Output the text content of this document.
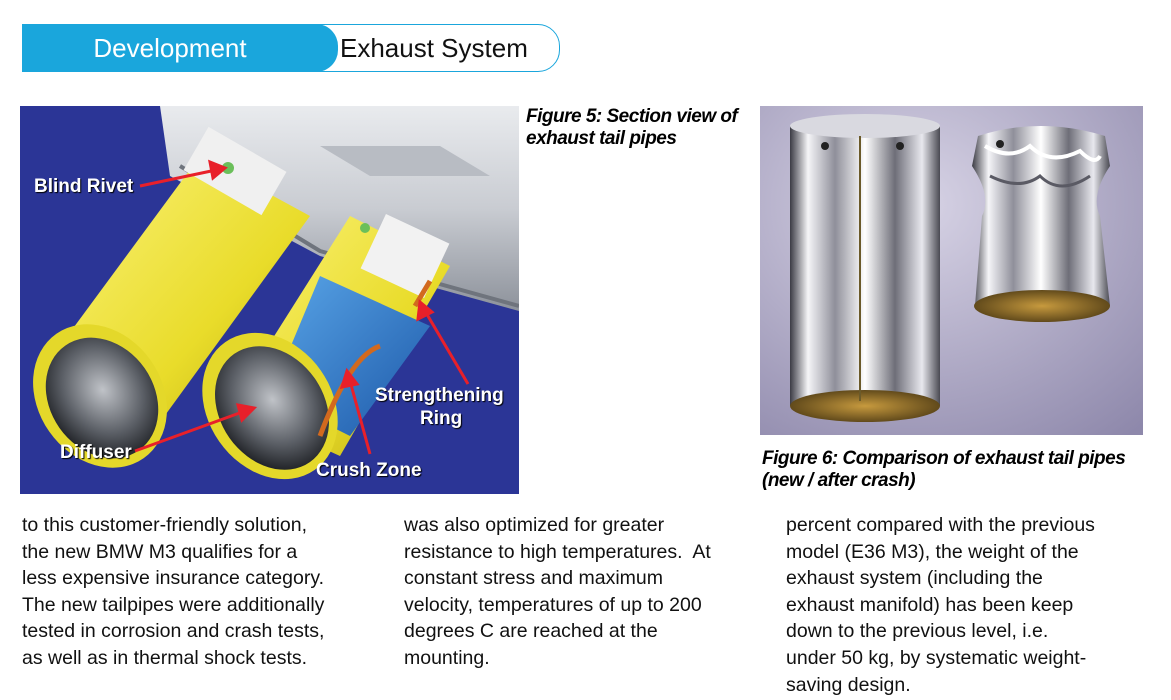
Development	Exhaust System
Blind Rivet
Strengthening
Ring
Diffuser
Crush Zone
Figure 5: Section view of exhaust tail pipes
Figure 6: Comparison of exhaust tail pipes (new / after crash)
to this customer-friendly solution,
the new BMW M3 qualifies for a
less expensive insurance category.
The new tailpipes were additionally
tested in corrosion and crash tests,
as well as in thermal shock tests.
was also optimized for greater
resistance to high temperatures.  At
constant stress and maximum
velocity, temperatures of up to 200
degrees C are reached at the
mounting.
percent compared with the previous
model (E36 M3), the weight of the
exhaust system (including the
exhaust manifold) has been keep
down to the previous level, i.e.
under 50 kg, by systematic weight-
saving design.
